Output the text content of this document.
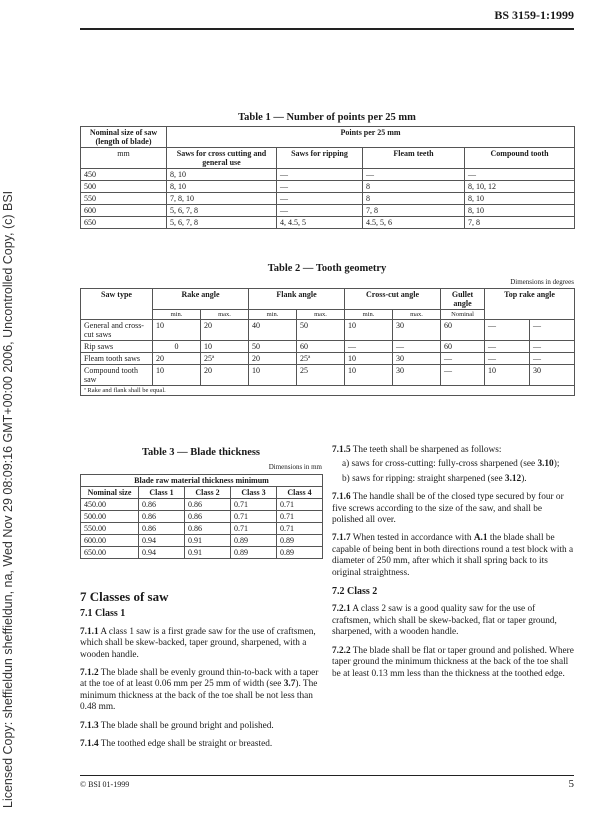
BS 3159-1:1999
Licensed Copy: sheffieldun sheffieldun, na, Wed Nov 29 08:09:16 GMT+00:00 2006, Uncontrolled Copy, (c) BSI
Table 1 — Number of points per 25 mm
Nominal size of saw (length of blade)	Points per 25 mm			
mm	Saws for cross cutting and general use	Saws for ripping	Fleam teeth	Compound tooth
450	8, 10	—	—	—
500	8, 10	—	8	8, 10, 12
550	7, 8, 10	—	8	8, 10
600	5, 6, 7, 8	—	7, 8	8, 10
650	5, 6, 7, 8	4, 4.5, 5	4.5, 5, 6	7, 8
Table 2 — Tooth geometry
Dimensions in degrees
Saw type	Rake angle		Flank angle		Cross-cut angle		Gullet angle	Top rake angle	
	min.	max.	min.	max.	min.	max.	Nominal		
General and cross-cut saws	10	20	40	50	10	30	60	—	—
Rip saws	0	10	50	60	—	—	60	—	—
Fleam tooth saws	20	25ª	20	25ª	10	30	—	—	—
Compound tooth saw	10	20	10	25	10	30	—	10	30
ª Rake and flank shall be equal.									
Table 3 — Blade thickness
Dimensions in mm
Blade raw material thickness minimum				
Nominal size	Class 1	Class 2	Class 3	Class 4
450.00	0.86	0.86	0.71	0.71
500.00	0.86	0.86	0.71	0.71
550.00	0.86	0.86	0.71	0.71
600.00	0.94	0.91	0.89	0.89
650.00	0.94	0.91	0.89	0.89
7 Classes of saw
7.1 Class 1

7.1.1 A class 1 saw is a first grade saw for the use of craftsmen, which shall be skew-backed, taper ground, sharpened, with a wooden handle.

7.1.2 The blade shall be evenly ground thin-to-back with a taper at the toe of at least 0.06 mm per 25 mm of width (see 3.7). The minimum thickness at the back of the toe shall be not less than 0.48 mm.

7.1.3 The blade shall be ground bright and polished.

7.1.4 The toothed edge shall be straight or breasted.

7.1.5 The teeth shall be sharpened as follows:

a) saws for cross-cutting: fully-cross sharpened (see 3.10);

b) saws for ripping: straight sharpened (see 3.12).

7.1.6 The handle shall be of the closed type secured by four or five screws according to the size of the saw, and shall be polished all over.

7.1.7 When tested in accordance with A.1 the blade shall be capable of being bent in both directions round a test block with a diameter of 250 mm, after which it shall spring back to its original straightness.

7.2 Class 2

7.2.1 A class 2 saw is a good quality saw for the use of craftsmen, which shall be skew-backed, flat or taper ground, sharpened, with a wooden handle.

7.2.2 The blade shall be flat or taper ground and polished. Where taper ground the minimum thickness at the back of the toe shall be at least 0.13 mm less than the thickness at the toothed edge.

© BSI 01-1999	5
